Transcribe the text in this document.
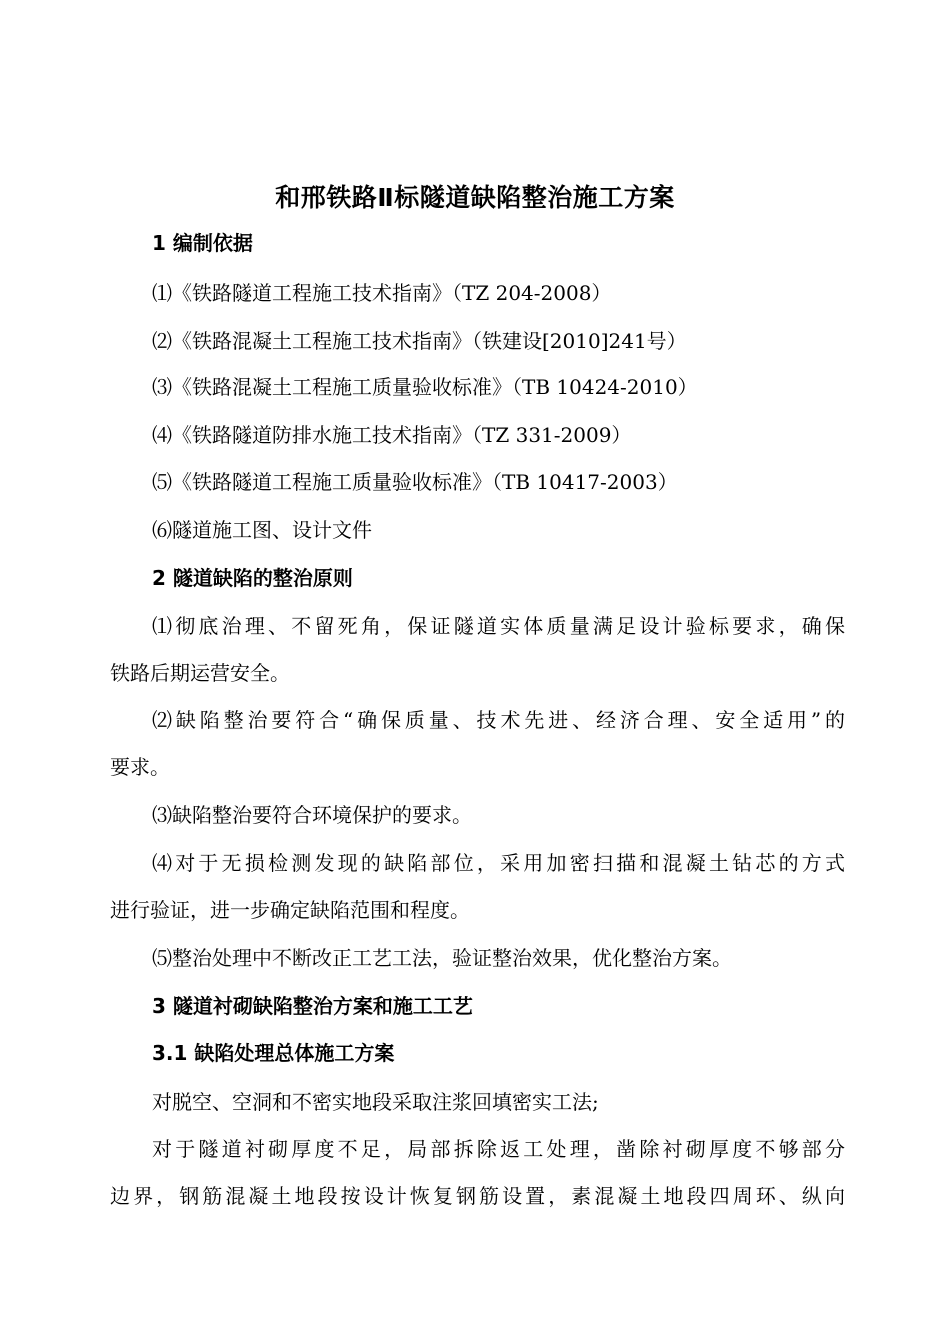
和邢铁路Ⅱ标隧道缺陷整治施工方案
1 编制依据
⑴《铁路隧道工程施工技术指南》（TZ 204-2008）
⑵《铁路混凝土工程施工技术指南》（铁建设[2010]241号）
⑶《铁路混凝土工程施工质量验收标准》（TB 10424-2010）
⑷《铁路隧道防排水施工技术指南》（TZ 331-2009）
⑸《铁路隧道工程施工质量验收标准》（TB 10417-2003）
⑹隧道施工图、设计文件
2 隧道缺陷的整治原则
⑴彻底治理、不留死角，保证隧道实体质量满足设计验标要求，确保
铁路后期运营安全。
⑵缺陷整治要符合“确保质量、技术先进、经济合理、安全适用”的
要求。
⑶缺陷整治要符合环境保护的要求。
⑷对于无损检测发现的缺陷部位，采用加密扫描和混凝土钻芯的方式
进行验证，进一步确定缺陷范围和程度。
⑸整治处理中不断改正工艺工法，验证整治效果，优化整治方案。
3 隧道衬砌缺陷整治方案和施工工艺
3.1 缺陷处理总体施工方案
对脱空、空洞和不密实地段采取注浆回填密实工法;
对于隧道衬砌厚度不足，局部拆除返工处理，凿除衬砌厚度不够部分
边界，钢筋混凝土地段按设计恢复钢筋设置，素混凝土地段四周环、纵向
